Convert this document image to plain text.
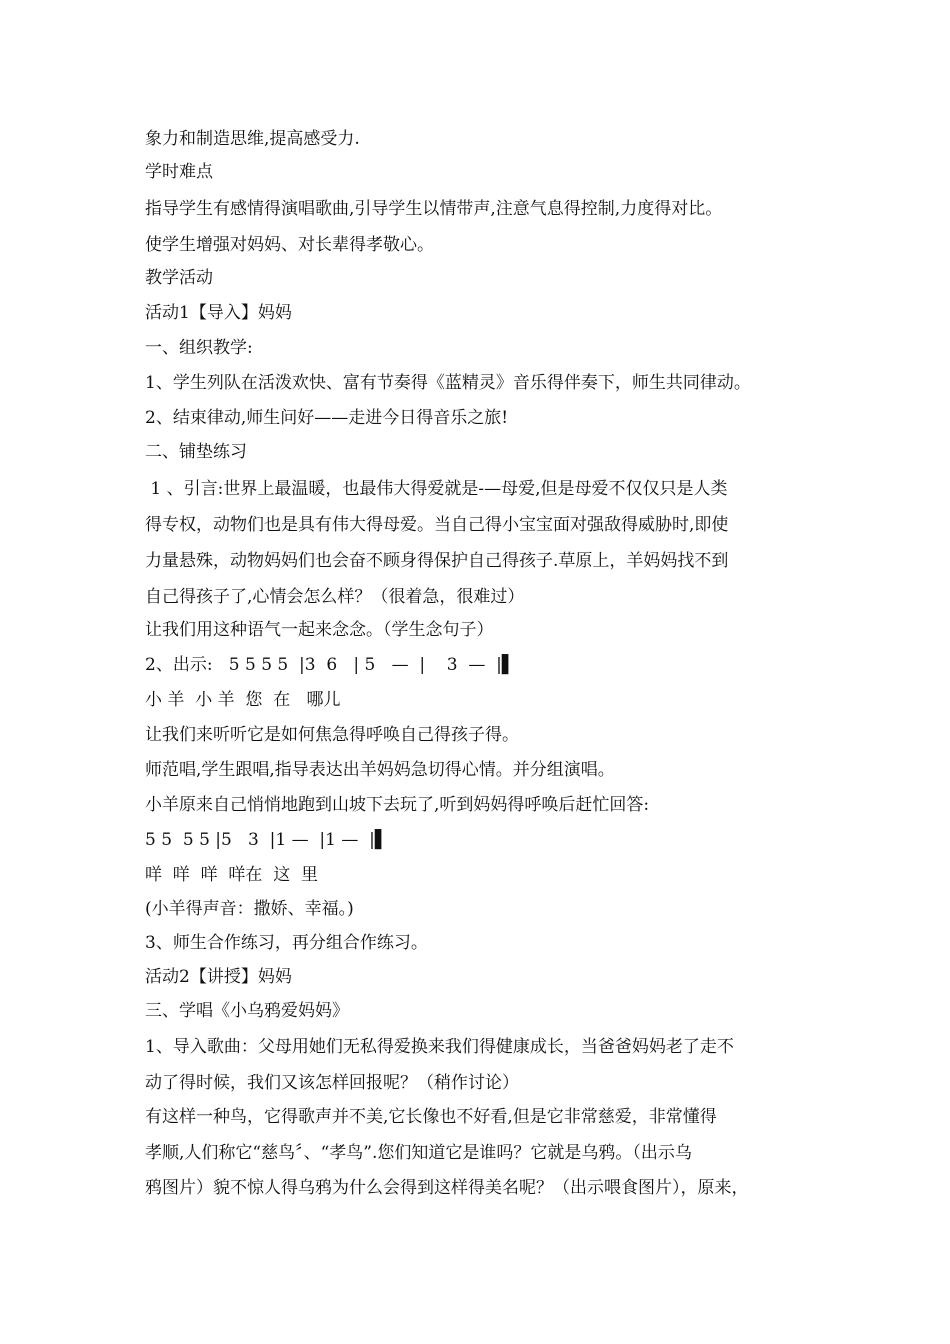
象力和制造思维,提高感受力.

学时难点

指导学生有感情得演唱歌曲,引导学生以情带声,注意气息得控制,力度得对比。

使学生增强对妈妈、对长辈得孝敬心。

教学活动

活动1【导入】妈妈

一、组织教学:

1、学生列队在活泼欢快、富有节奏得《蓝精灵》音乐得伴奏下，师生共同律动。

2、结束律动,师生问好——走进今日得音乐之旅!

二、铺垫练习

1 、引言:世界上最温暖，也最伟大得爱就是-—母爱,但是母爱不仅仅只是人类

得专权，动物们也是具有伟大得母爱。当自己得小宝宝面对强敌得威胁时,即使

力量悬殊，动物妈妈们也会奋不顾身得保护自己得孩子.草原上，羊妈妈找不到

自己得孩子了,心情会怎么样？（很着急，很难过）

让我们用这种语气一起来念念。（学生念句子）

2、出示:   5 5 5 5  |3  6   | 5   —  |    3  —  |▌

小 羊  小 羊  您  在   哪儿

让我们来听听它是如何焦急得呼唤自己得孩子得。

师范唱,学生跟唱,指导表达出羊妈妈急切得心情。并分组演唱。

小羊原来自己悄悄地跑到山坡下去玩了,听到妈妈得呼唤后赶忙回答:

5 5  5 5 |5   3  |1 —  |1 —  |▌

咩  咩  咩  咩在  这  里

(小羊得声音：撒娇、幸福。)

3、师生合作练习，再分组合作练习。

活动2【讲授】妈妈

三、学唱《小乌鸦爱妈妈》

1、导入歌曲：父母用她们无私得爱换来我们得健康成长，当爸爸妈妈老了走不

动了得时候，我们又该怎样回报呢？（稍作讨论）

有这样一种鸟，它得歌声并不美,它长像也不好看,但是它非常慈爱，非常懂得

孝顺,人们称它“慈鸟〞、“孝鸟”.您们知道它是谁吗？它就是乌鸦。（出示乌

鸦图片）貌不惊人得乌鸦为什么会得到这样得美名呢？（出示喂食图片），原来，
